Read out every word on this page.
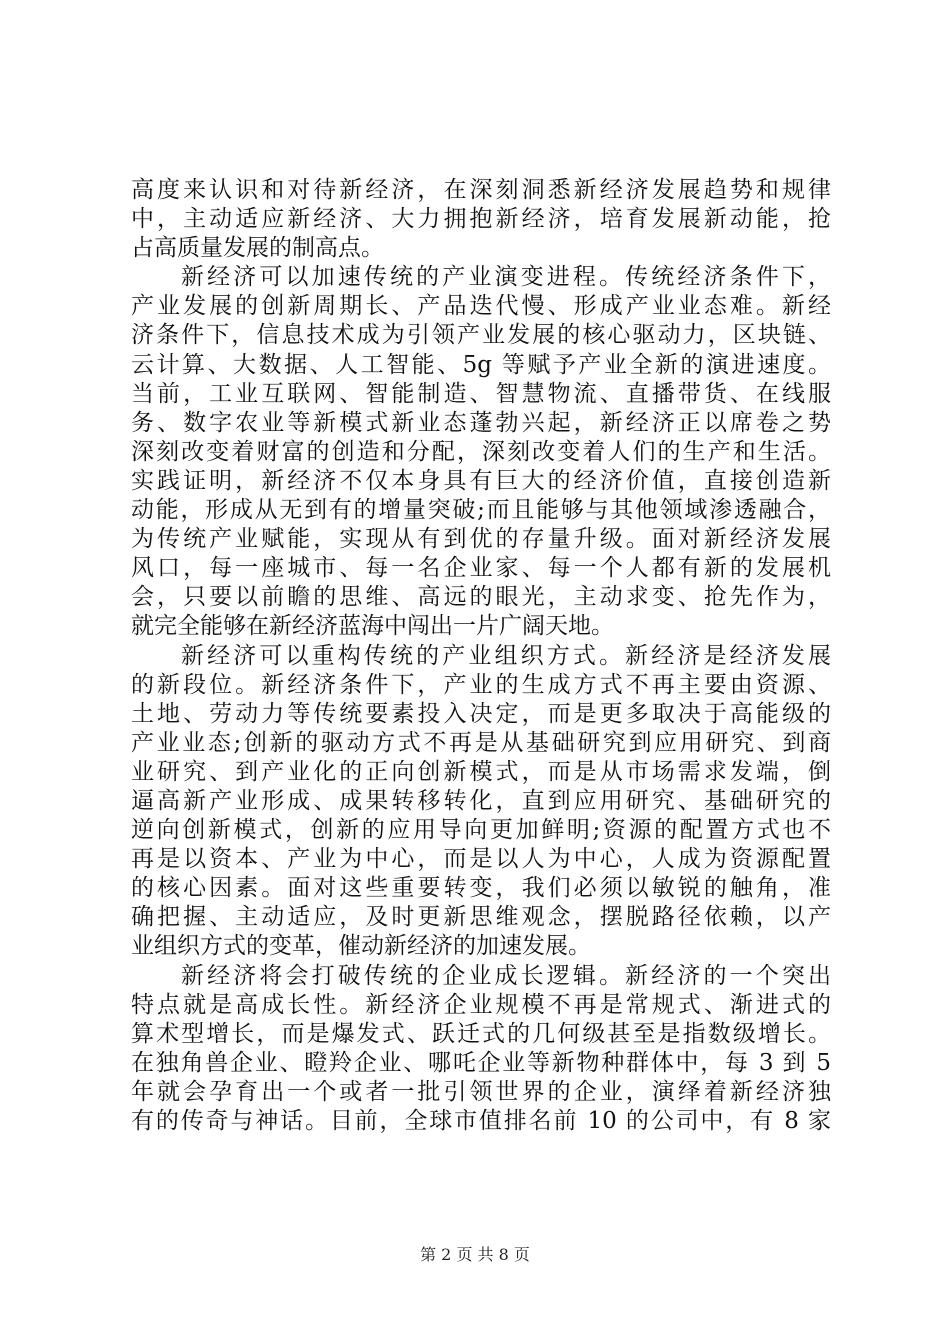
高度来认识和对待新经济，在深刻洞悉新经济发展趋势和规律
中，主动适应新经济、大力拥抱新经济，培育发展新动能，抢
占高质量发展的制高点。
新经济可以加速传统的产业演变进程。传统经济条件下，
产业发展的创新周期长、产品迭代慢、形成产业业态难。新经
济条件下，信息技术成为引领产业发展的核心驱动力，区块链、
云计算、大数据、人工智能、5g 等赋予产业全新的演进速度。
当前，工业互联网、智能制造、智慧物流、直播带货、在线服
务、数字农业等新模式新业态蓬勃兴起，新经济正以席卷之势
深刻改变着财富的创造和分配，深刻改变着人们的生产和生活。
实践证明，新经济不仅本身具有巨大的经济价值，直接创造新
动能，形成从无到有的增量突破;而且能够与其他领域渗透融合，
为传统产业赋能，实现从有到优的存量升级。面对新经济发展
风口，每一座城市、每一名企业家、每一个人都有新的发展机
会，只要以前瞻的思维、高远的眼光，主动求变、抢先作为，
就完全能够在新经济蓝海中闯出一片广阔天地。
新经济可以重构传统的产业组织方式。新经济是经济发展
的新段位。新经济条件下，产业的生成方式不再主要由资源、
土地、劳动力等传统要素投入决定，而是更多取决于高能级的
产业业态;创新的驱动方式不再是从基础研究到应用研究、到商
业研究、到产业化的正向创新模式，而是从市场需求发端，倒
逼高新产业形成、成果转移转化，直到应用研究、基础研究的
逆向创新模式，创新的应用导向更加鲜明;资源的配置方式也不
再是以资本、产业为中心，而是以人为中心，人成为资源配置
的核心因素。面对这些重要转变，我们必须以敏锐的触角，准
确把握、主动适应，及时更新思维观念，摆脱路径依赖，以产
业组织方式的变革，催动新经济的加速发展。
新经济将会打破传统的企业成长逻辑。新经济的一个突出
特点就是高成长性。新经济企业规模不再是常规式、渐进式的
算术型增长，而是爆发式、跃迁式的几何级甚至是指数级增长。
在独角兽企业、瞪羚企业、哪吒企业等新物种群体中，每 3 到 5
年就会孕育出一个或者一批引领世界的企业，演绎着新经济独
有的传奇与神话。目前，全球市值排名前 10 的公司中，有 8 家
第 2 页 共 8 页
